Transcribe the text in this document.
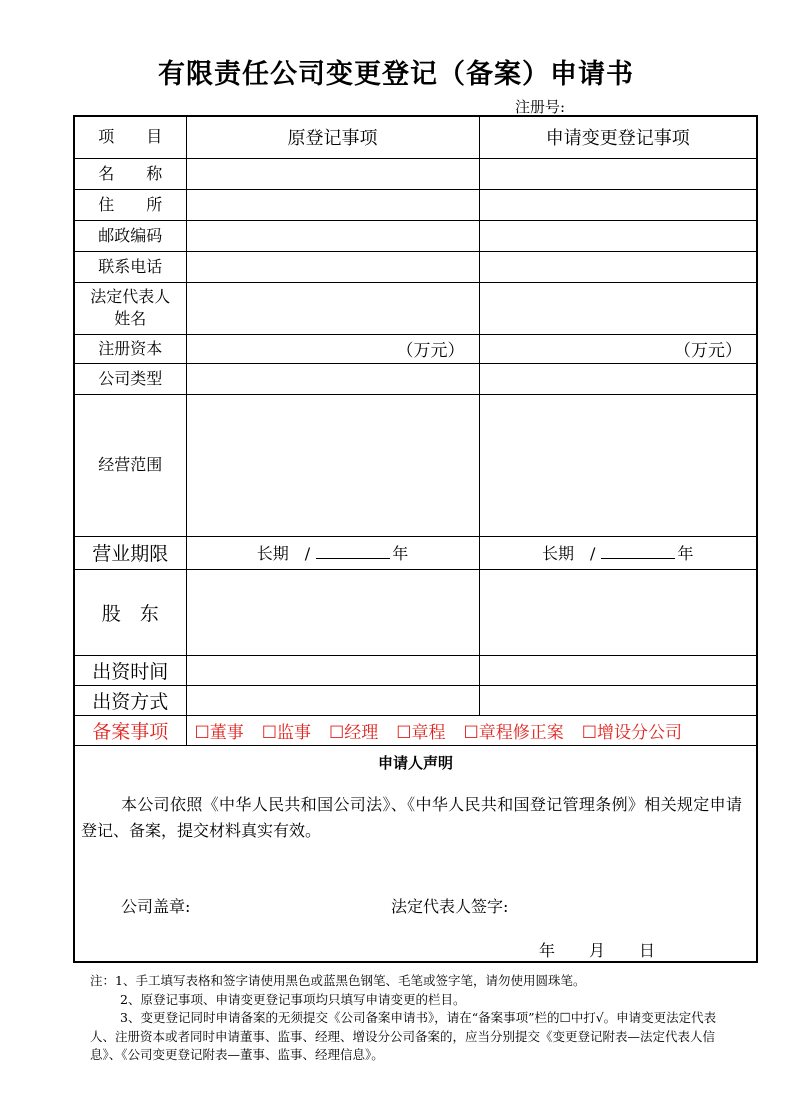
有限责任公司变更登记（备案）申请书
注册号:
项　　目	原登记事项	申请变更登记事项
名　　称		
住　　所		
邮政编码		
联系电话		

法定代表人
姓名		

注册资本	（万元）	（万元）
公司类型		
经营范围		
营业期限	长期　/ 年	长期　/ 年
股　东		
出资时间		
出资方式		
备案事项	☐董事 ☐监事 ☐经理 ☐章程 ☐章程修正案 ☐增设分公司	

申请人声明
本公司依照《中华人民共和国公司法》、《中华人民共和国登记管理条例》相关规定申请登记、备案，提交材料真实有效。
公司盖章: 法定代表人签字:
年 月 日		

注：1、手工填写表格和签字请使用黑色或蓝黑色钢笔、毛笔或签字笔，请勿使用圆珠笔。

2、原登记事项、申请变更登记事项均只填写申请变更的栏目。

3、变更登记同时申请备案的无须提交《公司备案申请书》，请在“备案事项”栏的☐中打√。申请变更法定代表人、注册资本或者同时申请董事、监事、经理、增设分公司备案的，应当分别提交《变更登记附表—法定代表人信息》、《公司变更登记附表—董事、监事、经理信息》。
